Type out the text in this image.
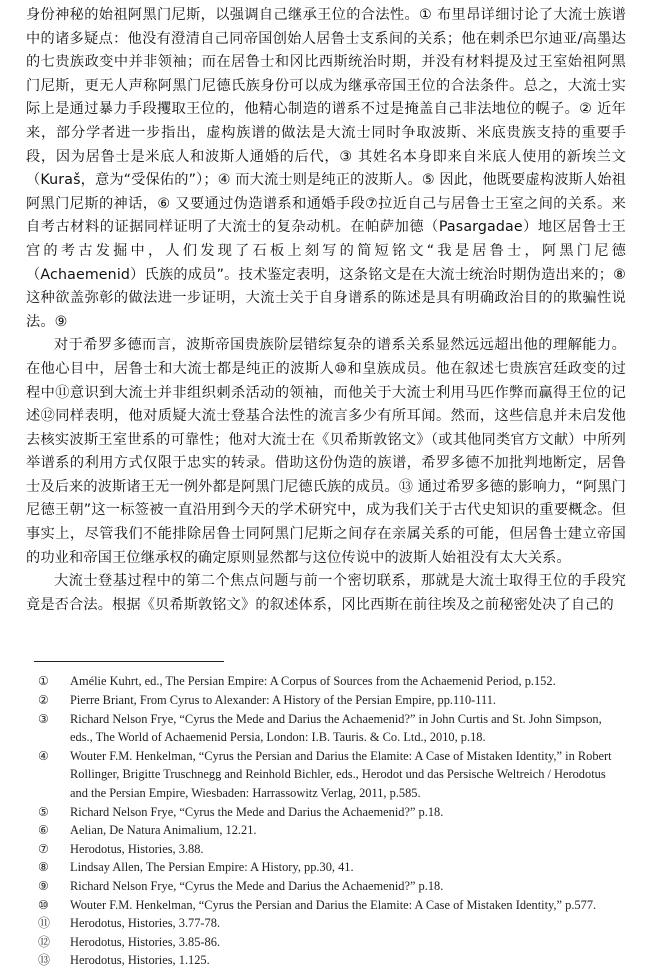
身份神秘的始祖阿黑门尼斯，以强调自己继承王位的合法性。① 布里昂详细讨论了大流士族谱中的诸多疑点：他没有澄清自己同帝国创始人居鲁士支系间的关系；他在剌杀巴尔迪亚/高墨达的七贵族政变中并非领袖；而在居鲁士和冈比西斯统治时期，并没有材料提及过王室始祖阿黑门尼斯，更无人声称阿黑门尼德氏族身份可以成为继承帝国王位的合法条件。总之，大流士实际上是通过暴力手段攫取王位的，他精心制造的谱系不过是掩盖自己非法地位的幌子。② 近年来，部分学者进一步指出，虚构族谱的做法是大流士同时争取波斯、米底贵族支持的重要手段，因为居鲁士是米底人和波斯人通婚的后代，③ 其姓名本身即来自米底人使用的新埃兰文（Kuraš，意为“受保佑的”）；④ 而大流士则是纯正的波斯人。⑤ 因此，他既要虚构波斯人始祖阿黑门尼斯的神话，⑥ 又要通过伪造谱系和通婚手段⑦拉近自己与居鲁士王室之间的关系。来自考古材料的证据同样证明了大流士的复杂动机。在帕萨加德（Pasargadae）地区居鲁士王宫的考古发掘中，人们发现了石板上刻写的简短铭文“我是居鲁士，阿黑门尼德（Achaemenid）氏族的成员”。技术鉴定表明，这条铭文是在大流士统治时期伪造出来的；⑧ 这种欲盖弥彰的做法进一步证明，大流士关于自身谱系的陈述是具有明确政治目的的欺骗性说法。⑨

对于希罗多德而言，波斯帝国贵族阶层错综复杂的谱系关系显然远远超出他的理解能力。在他心目中，居鲁士和大流士都是纯正的波斯人⑩和皇族成员。他在叙述七贵族宫廷政变的过程中⑪意识到大流士并非组织刺杀活动的领袖，而他关于大流士利用马匹作弊而赢得王位的记述⑫同样表明，他对质疑大流士登基合法性的流言多少有所耳闻。然而，这些信息并未启发他去核实波斯王室世系的可靠性；他对大流士在《贝希斯敦铭文》（或其他同类官方文献）中所列举谱系的利用方式仅限于忠实的转录。借助这份伪造的族谱，希罗多德不加批判地断定，居鲁士及后来的波斯诸王无一例外都是阿黑门尼德氏族的成员。⑬ 通过希罗多德的影响力，“阿黑门尼德王朝”这一标签被一直沿用到今天的学术研究中，成为我们关于古代史知识的重要概念。但事实上，尽管我们不能排除居鲁士同阿黑门尼斯之间存在亲属关系的可能，但居鲁士建立帝国的功业和帝国王位继承权的确定原则显然都与这位传说中的波斯人始祖没有太大关系。

大流士登基过程中的第二个焦点问题与前一个密切联系，那就是大流士取得王位的手段究竟是否合法。根据《贝希斯敦铭文》的叙述体系，冈比西斯在前往埃及之前秘密处决了自己的

① Amélie Kuhrt, ed., The Persian Empire: A Corpus of Sources from the Achaemenid Period, p.152.
② Pierre Briant, From Cyrus to Alexander: A History of the Persian Empire, pp.110-111.
③ Richard Nelson Frye, “Cyrus the Mede and Darius the Achaemenid?” in John Curtis and St. John Simpson, eds., The World of Achaemenid Persia, London: I.B. Tauris. & Co. Ltd., 2010, p.18.
④ Wouter F.M. Henkelman, “Cyrus the Persian and Darius the Elamite: A Case of Mistaken Identity,” in Robert Rollinger, Brigitte Truschnegg and Reinhold Bichler, eds., Herodot und das Persische Weltreich / Herodotus and the Persian Empire, Wiesbaden: Harrassowitz Verlag, 2011, p.585.
⑤ Richard Nelson Frye, “Cyrus the Mede and Darius the Achaemenid?” p.18.
⑥ Aelian, De Natura Animalium, 12.21.
⑦ Herodotus, Histories, 3.88.
⑧ Lindsay Allen, The Persian Empire: A History, pp.30, 41.
⑨ Richard Nelson Frye, “Cyrus the Mede and Darius the Achaemenid?” p.18.
⑩ Wouter F.M. Henkelman, “Cyrus the Persian and Darius the Elamite: A Case of Mistaken Identity,” p.577.
⑪ Herodotus, Histories, 3.77-78.
⑫ Herodotus, Histories, 3.85-86.
⑬ Herodotus, Histories, 1.125.
